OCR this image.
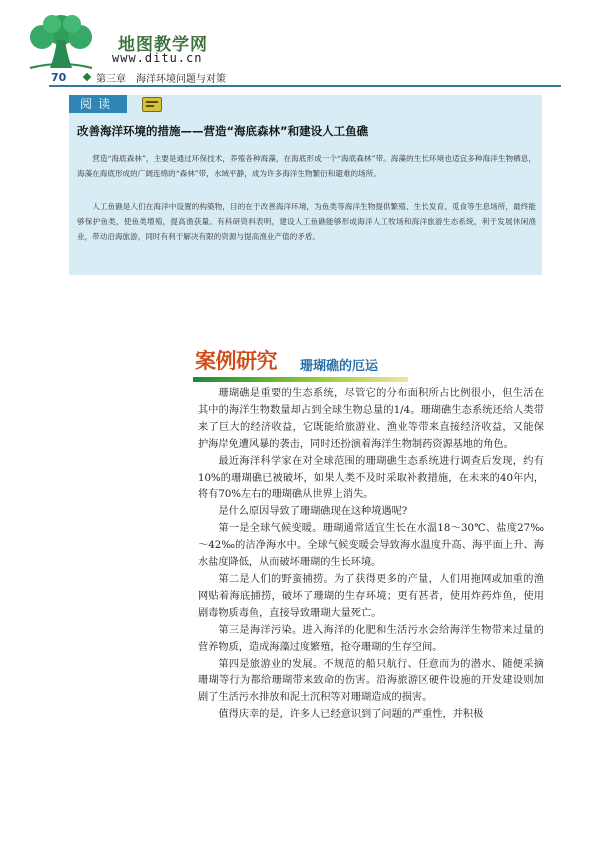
地图教学网
www.ditu.cn
70	第三章　海洋环境问题与对策
阅读
改善海洋环境的措施——营造“海底森林”和建设人工鱼礁

营造“海底森林”，主要是通过环保技术，养殖各种海藻，在海底形成一个“海底森林”带。海藻的生长环境也适宜多种海洋生物栖息，海藻在海底形成的广阔连绵的“森林”带，水域平静，成为许多海洋生物繁衍和避难的场所。

人工鱼礁是人们在海洋中设置的构築物，目的在于改善海洋环境，为鱼类等海洋生物提供繁殖、生长发育、觅食等生息场所，最终能够保护鱼类，使鱼类增殖，提高渔获量。有科研资料表明，建设人工鱼礁能够形成海洋人工牧场和海洋旅游生态系统，利于发展休闲渔业，带动沿海旅游，同时有利于解决有限的资源与提高渔业产值的矛盾。

案例研究 珊瑚礁的厄运

珊瑚礁是重要的生态系统，尽管它的分布面积所占比例很小，但生活在其中的海洋生物数量却占到全球生物总量的1/4。珊瑚礁生态系统还给人类带来了巨大的经济收益，它既能给旅游业、渔业等带来直接经济收益，又能保护海岸免遭风暴的袭击，同时还扮演着海洋生物制药资源基地的角色。

最近海洋科学家在对全球范围的珊瑚礁生态系统进行调查后发现，约有10%的珊瑚礁已被破坏，如果人类不及时采取补救措施，在未来的40年内，将有70%左右的珊瑚礁从世界上消失。

是什么原因导致了珊瑚礁现在这种境遇呢?

第一是全球气候变暖。珊瑚通常适宜生长在水温18～30℃、盐度27‰～42‰的洁净海水中。全球气候变暖会导致海水温度升高、海平面上升、海水盐度降低，从而破坏珊瑚的生长环境。

第二是人们的野蛮捕捞。为了获得更多的产量，人们用拖网或加重的渔网贴着海底捕捞，破坏了珊瑚的生存环境；更有甚者，使用炸药炸鱼，使用剧毒物质毒鱼，直接导致珊瑚大量死亡。

第三是海洋污染。进入海洋的化肥和生活污水会给海洋生物带来过量的营养物质，造成海藻过度繁殖，抢夺珊瑚的生存空间。

第四是旅游业的发展。不规范的船只航行、任意而为的潜水、随便采摘珊瑚等行为都给珊瑚带来致命的伤害。沿海旅游区硬件设施的开发建设则加剧了生活污水排放和泥土沉积等对珊瑚造成的损害。

值得庆幸的是，许多人已经意识到了问题的严重性，并积极
